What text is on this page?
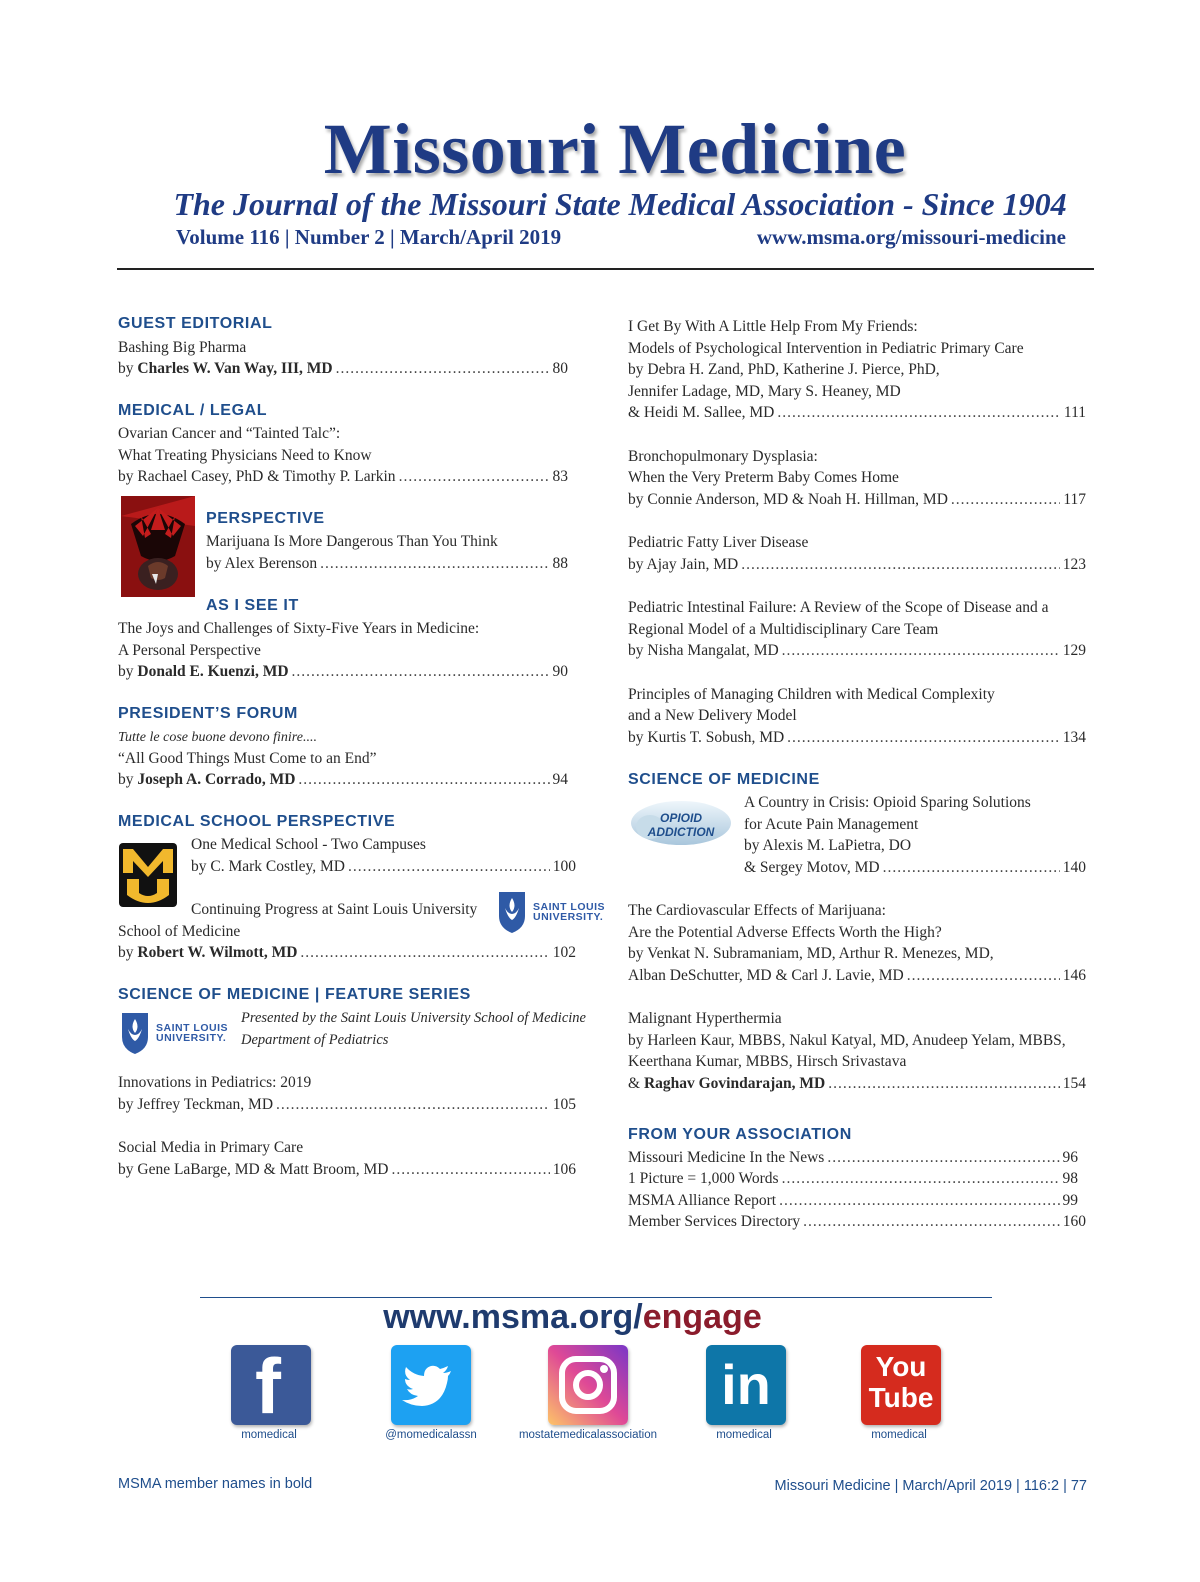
Missouri Medicine
The Journal of the Missouri State Medical Association - Since 1904
Volume 116 | Number 2 | March/April 2019	www.msma.org/missouri-medicine
GUEST EDITORIAL
Bashing Big Pharma
by Charles W. Van Way, III, MD .....	80
MEDICAL / LEGAL
Ovarian Cancer and “Tainted Talc”:
What Treating Physicians Need to Know
by Rachael Casey, PhD & Timothy P. Larkin .....	83
PERSPECTIVE
Marijuana Is More Dangerous Than You Think
by Alex Berenson .....	88
AS I SEE IT
The Joys and Challenges of Sixty-Five Years in Medicine:
A Personal Perspective
by Donald E. Kuenzi, MD .....	90
PRESIDENT’S FORUM
Tutte le cose buone devono finire....
“All Good Things Must Come to an End”
by Joseph A. Corrado, MD .....	94
MEDICAL SCHOOL PERSPECTIVE
One Medical School - Two Campuses
by C. Mark Costley, MD .....	100
Continuing Progress at Saint Louis University	SAINT LOUIS UNIVERSITY.
School of Medicine
by Robert W. Wilmott, MD .....	102
SCIENCE OF MEDICINE | FEATURE SERIES
SAINT LOUIS UNIVERSITY.
Presented by the Saint Louis University School of Medicine
Department of Pediatrics
Innovations in Pediatrics: 2019
by Jeffrey Teckman, MD .....	105
Social Media in Primary Care
by Gene LaBarge, MD & Matt Broom, MD .....	106
I Get By With A Little Help From My Friends:
Models of Psychological Intervention in Pediatric Primary Care
by Debra H. Zand, PhD, Katherine J. Pierce, PhD,
Jennifer Ladage, MD, Mary S. Heaney, MD
& Heidi M. Sallee, MD .....	111
Bronchopulmonary Dysplasia:
When the Very Preterm Baby Comes Home
by Connie Anderson, MD & Noah H. Hillman, MD .....	117
Pediatric Fatty Liver Disease
by Ajay Jain, MD .....	123
Pediatric Intestinal Failure: A Review of the Scope of Disease and a
Regional Model of a Multidisciplinary Care Team
by Nisha Mangalat, MD .....	129
Principles of Managing Children with Medical Complexity
and a New Delivery Model
by Kurtis T. Sobush, MD .....	134
SCIENCE OF MEDICINE
OPIOID
ADDICTION
A Country in Crisis: Opioid Sparing Solutions
for Acute Pain Management
by Alexis M. LaPietra, DO
& Sergey Motov, MD .....	140
The Cardiovascular Effects of Marijuana:
Are the Potential Adverse Effects Worth the High?
by Venkat N. Subramaniam, MD, Arthur R. Menezes, MD,
Alban DeSchutter, MD & Carl J. Lavie, MD .....	146
Malignant Hyperthermia
by Harleen Kaur, MBBS, Nakul Katyal, MD, Anudeep Yelam, MBBS,
Keerthana Kumar, MBBS, Hirsch Srivastava
& Raghav Govindarajan, MD .....	154
FROM YOUR ASSOCIATION
Missouri Medicine In the News .....	96
1 Picture = 1,000 Words .....	98
MSMA Alliance Report .....	99
Member Services Directory .....	160
www.msma.org/engage
f
momedical	@momedicalassn	mostatemedicalassociation
in
momedical
You
Tube
momedical
MSMA member names in bold	Missouri Medicine | March/April 2019 | 116:2 | 77
